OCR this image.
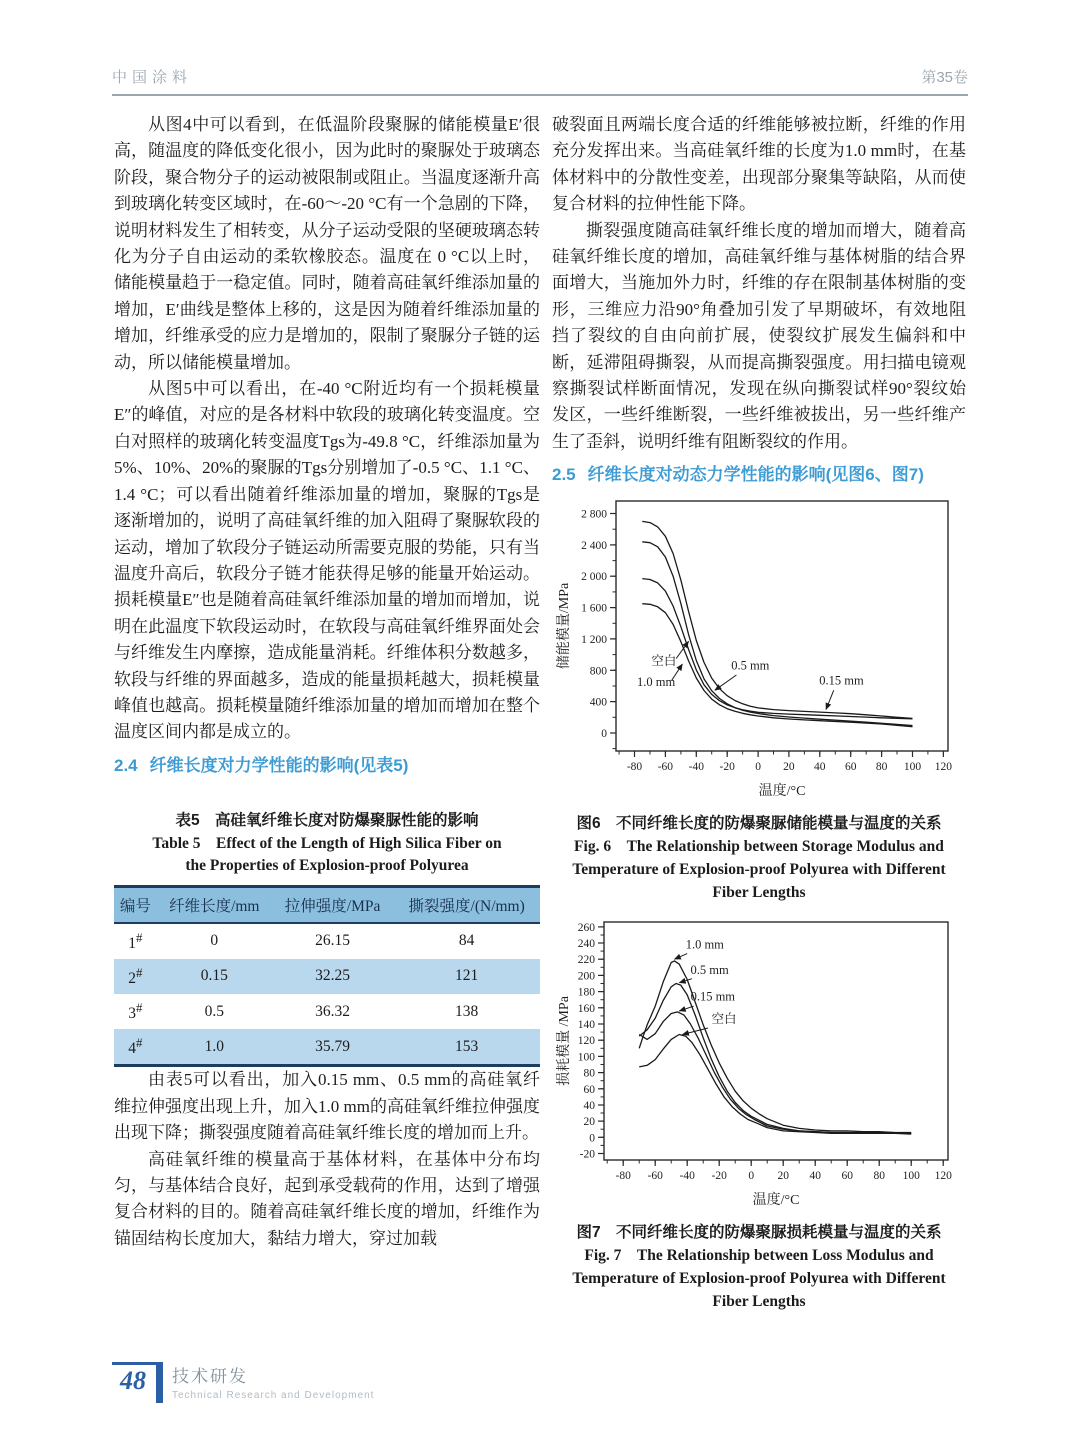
中国涂料	第35卷

从图4中可以看到，在低温阶段聚脲的储能模量E′很高，随温度的降低变化很小，因为此时的聚脲处于玻璃态阶段，聚合物分子的运动被限制或阻止。当温度逐渐升高到玻璃化转变区域时，在-60～-20 °C有一个急剧的下降，说明材料发生了相转变，从分子运动受限的坚硬玻璃态转化为分子自由运动的柔软橡胶态。温度在 0 °C以上时，储能模量趋于一稳定值。同时，随着高硅氧纤维添加量的增加，E′曲线是整体上移的，这是因为随着纤维添加量的增加，纤维承受的应力是增加的，限制了聚脲分子链的运动，所以储能模量增加。

从图5中可以看出，在-40 °C附近均有一个损耗模量E″的峰值，对应的是各材料中软段的玻璃化转变温度。空白对照样的玻璃化转变温度Tgs为-49.8 °C，纤维添加量为5%、10%、20%的聚脲的Tgs分别增加了-0.5 °C、1.1 °C、1.4 °C；可以看出随着纤维添加量的增加，聚脲的Tgs是逐渐增加的，说明了高硅氧纤维的加入阻碍了聚脲软段的运动，增加了软段分子链运动所需要克服的势能，只有当温度升高后，软段分子链才能获得足够的能量开始运动。损耗模量E″也是随着高硅氧纤维添加量的增加而增加，说明在此温度下软段运动时，在软段与高硅氧纤维界面处会与纤维发生内摩擦，造成能量消耗。纤维体积分数越多，软段与纤维的界面越多，造成的能量损耗越大，损耗模量峰值也越高。损耗模量随纤维添加量的增加而增加在整个温度区间内都是成立的。

2.4 纤维长度对力学性能的影响(见表5)
表5　高硅氧纤维长度对防爆聚脲性能的影响
Table 5　Effect of the Length of High Silica Fiber on the Properties of Explosion-proof Polyurea
编号	纤维长度/mm	拉伸强度/MPa	撕裂强度/(N/mm)
1#	0	26.15	84
2#	0.15	32.25	121
3#	0.5	36.32	138
4#	1.0	35.79	153

由表5可以看出，加入0.15 mm、0.5 mm的高硅氧纤维拉伸强度出现上升，加入1.0 mm的高硅氧纤维拉伸强度出现下降；撕裂强度随着高硅氧纤维长度的增加而上升。

高硅氧纤维的模量高于基体材料，在基体中分布均匀，与基体结合良好，起到承受载荷的作用，达到了增强复合材料的目的。随着高硅氧纤维长度的增加，纤维作为锚固结构长度加大，黏结力增大，穿过加载

破裂面且两端长度合适的纤维能够被拉断，纤维的作用充分发挥出来。当高硅氧纤维的长度为1.0 mm时，在基体材料中的分散性变差，出现部分聚集等缺陷，从而使复合材料的拉伸性能下降。

撕裂强度随高硅氧纤维长度的增加而增大，随着高硅氧纤维长度的增加，高硅氧纤维与基体树脂的结合界面增大，当施加外力时，纤维的存在限制基体树脂的变形，三维应力沿90°角叠加引发了早期破坏，有效地阻挡了裂纹的自由向前扩展，使裂纹扩展发生偏斜和中断，延滞阻碍撕裂，从而提高撕裂强度。用扫描电镜观察撕裂试样断面情况，发现在纵向撕裂试样90°裂纹始发区，一些纤维断裂，一些纤维被拔出，另一些纤维产生了歪斜，说明纤维有阻断裂纹的作用。

2.5 纤维长度对动态力学性能的影响(见图6、图7)
-80 -60 -40 -20 0 20 40 60 80 100 120
0
400
800
1 200
1 600
2 000
2 400
2 800
空白
1.0 mm
0.5 mm
0.15 mm
温度/°C
储能模量/MPa
图6　不同纤维长度的防爆聚脲储能模量与温度的关系
Fig. 6　The Relationship between Storage Modulus and Temperature of Explosion-proof Polyurea with Different Fiber Lengths
-80 -60 -40 -20 0 20 40 60 80 100 120
-20
0
20
40
60
80
100
120
140
160
180
200
220
240
260
1.0 mm
0.5 mm
0.15 mm
空白
温度/°C
损耗模量 /MPa
图7　不同纤维长度的防爆聚脲损耗模量与温度的关系
Fig. 7　The Relationship between Loss Modulus and Temperature of Explosion-proof Polyurea with Different Fiber Lengths
48	技术研发
Technical Research and Development
